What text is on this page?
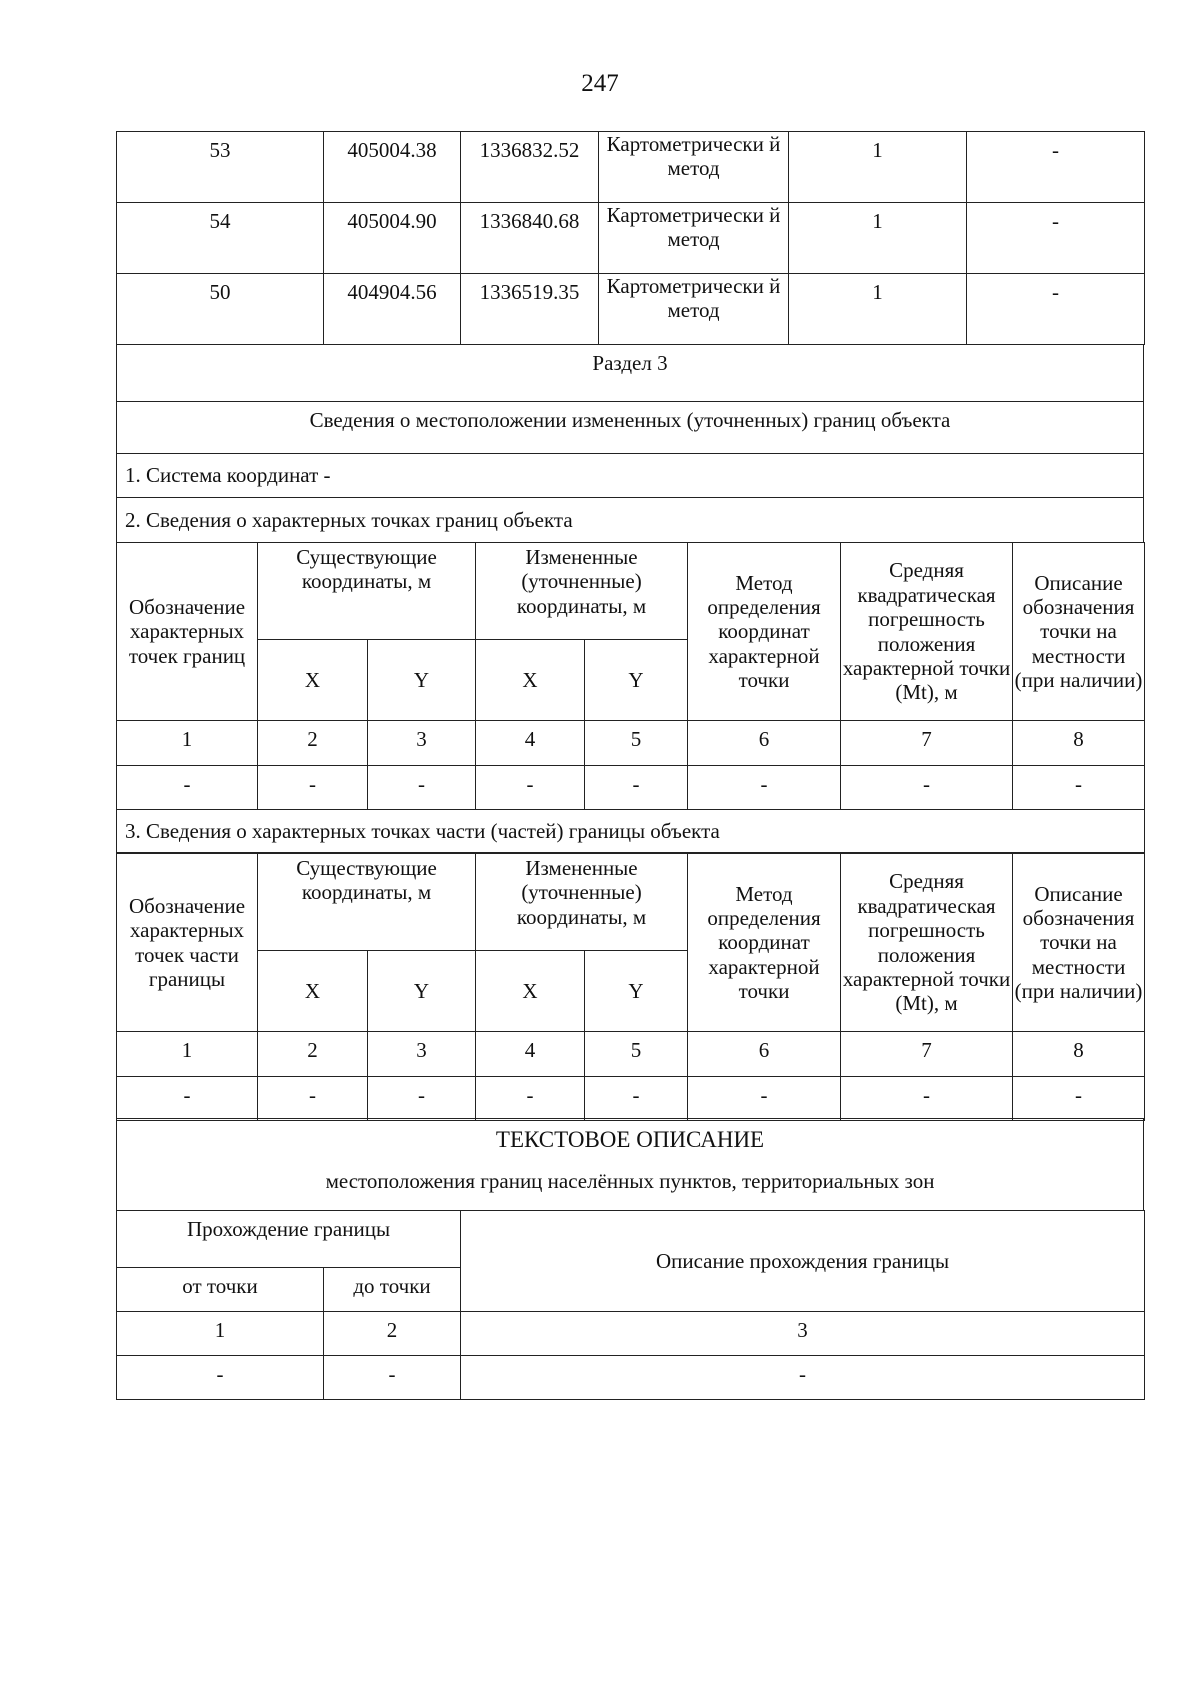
247
53	405004.38	1336832.52	Картометрически й метод	1	-
54	405004.90	1336840.68	Картометрически й метод	1	-
50	404904.56	1336519.35	Картометрически й метод	1	-
Раздел 3
Сведения о местоположении измененных (уточненных) границ объекта
1. Система координат -
2. Сведения о характерных точках границ объекта
Обозначение характерных точек границ	Существующие координаты, м		Измененные (уточненные) координаты, м		Метод определения координат характерной точки	Средняя квадратическая погрешность положения характерной точки (Mt), м	Описание обозначения точки на местности (при наличии)
	X	Y	X	Y			
1	2	3	4	5	6	7	8
-	-	-	-	-	-	-	-
3. Сведения о характерных точках части (частей) границы объекта							
Обозначение характерных точек части границы	Существующие координаты, м		Измененные (уточненные) координаты, м		Метод определения координат характерной точки	Средняя квадратическая погрешность положения характерной точки (Mt), м	Описание обозначения точки на местности (при наличии)
	X	Y	X	Y			
1	2	3	4	5	6	7	8
-	-	-	-	-	-	-	-
ТЕКСТОВОЕ ОПИСАНИЕ
местоположения границ населённых пунктов, территориальных зон
Прохождение границы		Описание прохождения границы
от точки	до точки	
1	2	3
-	-	-
